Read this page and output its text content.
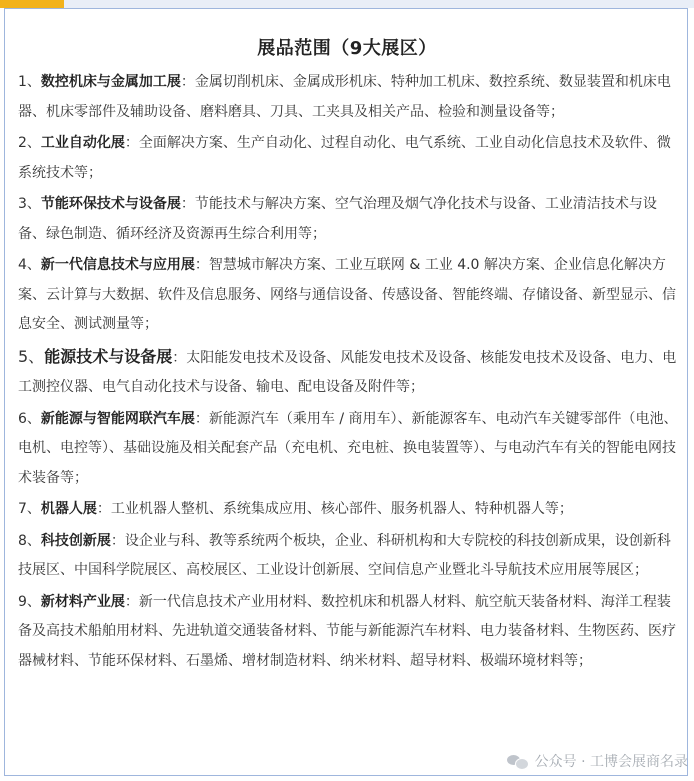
展品范围（9大展区）

1、数控机床与金属加工展：金属切削机床、金属成形机床、特种加工机床、数控系统、数显装置和机床电器、机床零部件及辅助设备、磨料磨具、刀具、工夹具及相关产品、检验和测量设备等；

2、工业自动化展：全面解决方案、生产自动化、过程自动化、电气系统、工业自动化信息技术及软件、微系统技术等；

3、节能环保技术与设备展：节能技术与解决方案、空气治理及烟气净化技术与设备、工业清洁技术与设备、绿色制造、循环经济及资源再生综合利用等；

4、新一代信息技术与应用展：智慧城市解决方案、工业互联网 & 工业 4.0 解决方案、企业信息化解决方案、云计算与大数据、软件及信息服务、网络与通信设备、传感设备、智能终端、存储设备、新型显示、信息安全、测试测量等；

5、能源技术与设备展：太阳能发电技术及设备、风能发电技术及设备、核能发电技术及设备、电力、电工测控仪器、电气自动化技术与设备、输电、配电设备及附件等；

6、新能源与智能网联汽车展：新能源汽车（乘用车 / 商用车）、新能源客车、电动汽车关键零部件（电池、电机、电控等）、基础设施及相关配套产品（充电机、充电桩、换电装置等）、与电动汽车有关的智能电网技术装备等；

7、机器人展：工业机器人整机、系统集成应用、核心部件、服务机器人、特种机器人等；

8、科技创新展：设企业与科、教等系统两个板块，企业、科研机构和大专院校的科技创新成果，设创新科技展区、中国科学院展区、高校展区、工业设计创新展、空间信息产业暨北斗导航技术应用展等展区；

9、新材料产业展：新一代信息技术产业用材料、数控机床和机器人材料、航空航天装备材料、海洋工程装备及高技术船舶用材料、先进轨道交通装备材料、节能与新能源汽车材料、电力装备材料、生物医药、医疗器械材料、节能环保材料、石墨烯、增材制造材料、纳米材料、超导材料、极端环境材料等；

公众号 · 工博会展商名录
